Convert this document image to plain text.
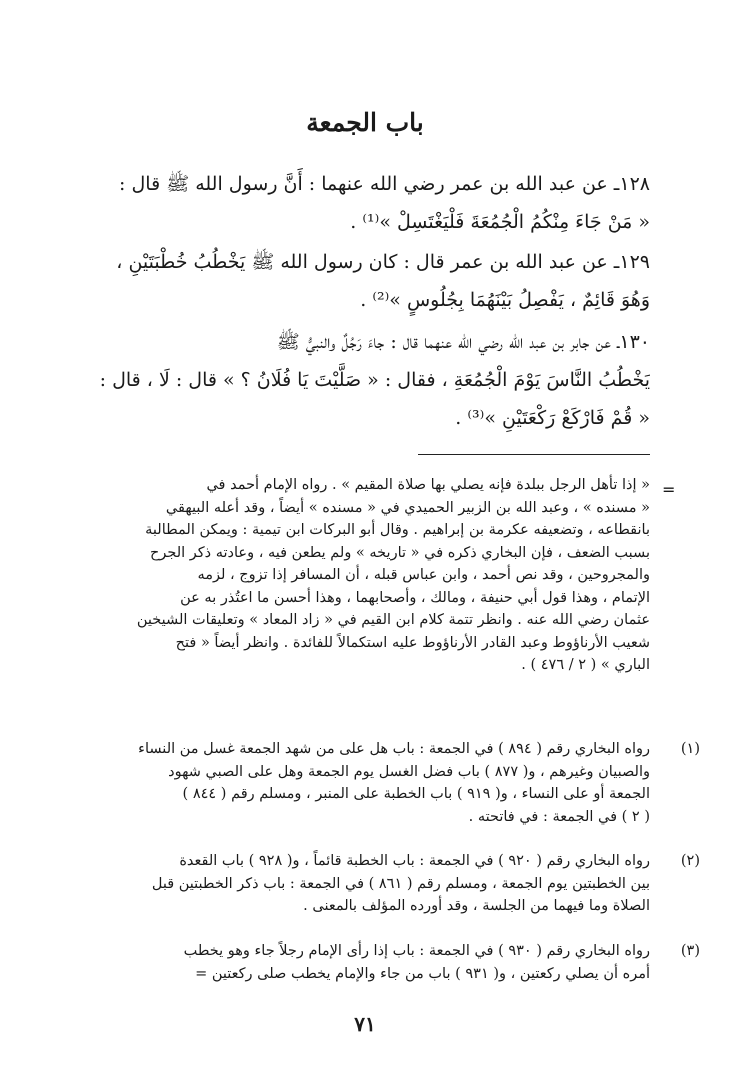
باب الجمعة
١٢٨ـ عن عبد الله بن عمر رضي الله عنهما : أَنَّ رسول الله ﷺ قال :
« مَنْ جَاءَ مِنْكُمُ الْجُمُعَةَ فَلْيَغْتَسِلْ »⁽¹⁾ .
١٢٩ـ عن عبد الله بن عمر قال : كان رسول الله ﷺ يَخْطُبُ خُطْبَتَيْنِ ،
وَهُوَ قَائِمٌ ، يَفْصِلُ بَيْنَهُمَا بِجُلُوسٍ »⁽²⁾ .
١٣٠ـ عن جابر بن عبد الله رضي الله عنهما قال : جاءَ رَجُلٌ والنبيُّ ﷺ
يَخْطُبُ النَّاسَ يَوْمَ الْجُمُعَةِ ، فقال : « صَلَّيْتَ يَا فُلَانُ ؟ » قال : لَا ، قال :
« قُمْ فَارْكَعْ رَكْعَتَيْنِ »⁽³⁾ .
=
« إذا تأهل الرجل ببلدة فإنه يصلي بها صلاة المقيم » . رواه الإمام أحمد في
« مسنده » ، وعبد الله بن الزبير الحميدي في « مسنده » أيضاً ، وقد أعله البيهقي
بانقطاعه ، وتضعيفه عكرمة بن إبراهيم . وقال أبو البركات ابن تيمية : ويمكن المطالبة
بسبب الضعف ، فإن البخاري ذكره في « تاريخه » ولم يطعن فيه ، وعادته ذكر الجرح
والمجروحين ، وقد نص أحمد ، وابن عباس قبله ، أن المسافر إذا تزوج ، لزمه
الإتمام ، وهذا قول أبي حنيفة ، ومالك ، وأصحابهما ، وهذا أحسن ما اعتُذر به عن
عثمان رضي الله عنه . وانظر تتمة كلام ابن القيم في « زاد المعاد » وتعليقات الشيخين
شعيب الأرناؤوط وعبد القادر الأرناؤوط عليه استكمالاً للفائدة . وانظر أيضاً « فتح
الباري » ( ٢ / ٤٧٦ ) .
(١)
رواه البخاري رقم ( ٨٩٤ ) في الجمعة : باب هل على من شهد الجمعة غسل من النساء
والصبيان وغيرهم ، و( ٨٧٧ ) باب فضل الغسل يوم الجمعة وهل على الصبي شهود
الجمعة أو على النساء ، و( ٩١٩ ) باب الخطبة على المنبر ، ومسلم رقم ( ٨٤٤ )
( ٢ ) في الجمعة : في فاتحته .
(٢)
رواه البخاري رقم ( ٩٢٠ ) في الجمعة : باب الخطبة قائماً ، و( ٩٢٨ ) باب القعدة
بين الخطبتين يوم الجمعة ، ومسلم رقم ( ٨٦١ ) في الجمعة : باب ذكر الخطبتين قبل
الصلاة وما فيهما من الجلسة ، وقد أورده المؤلف بالمعنى .
(٣)
رواه البخاري رقم ( ٩٣٠ ) في الجمعة : باب إذا رأى الإمام رجلاً جاء وهو يخطب
أمره أن يصلي ركعتين ، و( ٩٣١ ) باب من جاء والإمام يخطب صلى ركعتين =
٧١
